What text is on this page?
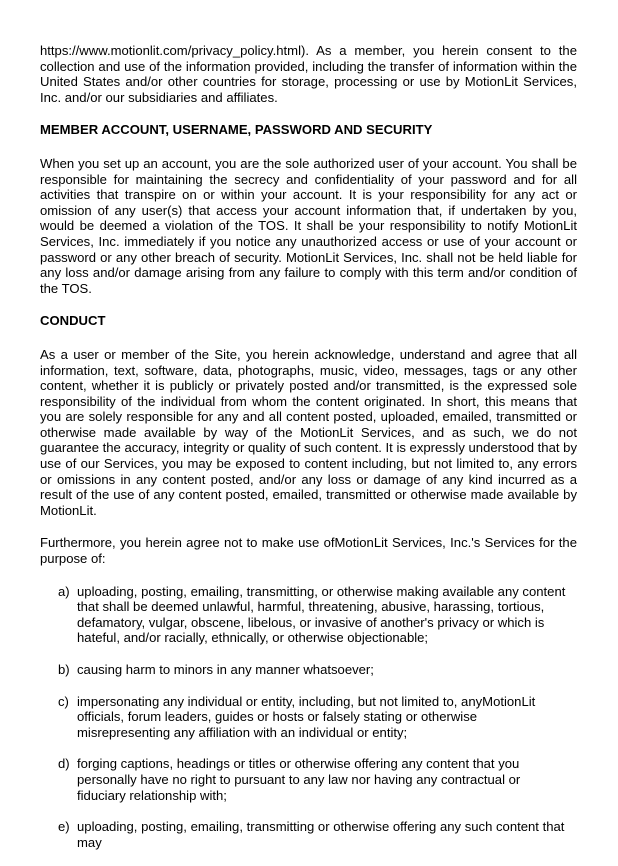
https://www.motionlit.com/privacy_policy.html). As a member, you herein consent to the collection and use of the information provided, including the transfer of information within the United States and/or other countries for storage, processing or use by MotionLit Services, Inc. and/or our subsidiaries and affiliates.

MEMBER ACCOUNT, USERNAME, PASSWORD AND SECURITY

When you set up an account, you are the sole authorized user of your account. You shall be responsible for maintaining the secrecy and confidentiality of your password and for all activities that transpire on or within your account. It is your responsibility for any act or omission of any user(s) that access your account information that, if undertaken by you, would be deemed a violation of the TOS. It shall be your responsibility to notify MotionLit Services, Inc. immediately if you notice any unauthorized access or use of your account or password or any other breach of security. MotionLit Services, Inc. shall not be held liable for any loss and/or damage arising from any failure to comply with this term and/or condition of the TOS.

CONDUCT

As a user or member of the Site, you herein acknowledge, understand and agree that all information, text, software, data, photographs, music, video, messages, tags or any other content, whether it is publicly or privately posted and/or transmitted, is the expressed sole responsibility of the individual from whom the content originated. In short, this means that you are solely responsible for any and all content posted, uploaded, emailed, transmitted or otherwise made available by way of the MotionLit Services, and as such, we do not guarantee the accuracy, integrity or quality of such content. It is expressly understood that by use of our Services, you may be exposed to content including, but not limited to, any errors or omissions in any content posted, and/or any loss or damage of any kind incurred as a result of the use of any content posted, emailed, transmitted or otherwise made available by MotionLit.

Furthermore, you herein agree not to make use ofMotionLit Services, Inc.'s Services for the purpose of:

a) uploading, posting, emailing, transmitting, or otherwise making available any content that shall be deemed unlawful, harmful, threatening, abusive, harassing, tortious, defamatory, vulgar, obscene, libelous, or invasive of another's privacy or which is hateful, and/or racially, ethnically, or otherwise objectionable;
b) causing harm to minors in any manner whatsoever;
c) impersonating any individual or entity, including, but not limited to, anyMotionLit officials, forum leaders, guides or hosts or falsely stating or otherwise misrepresenting any affiliation with an individual or entity;
d) forging captions, headings or titles or otherwise offering any content that you personally have no right to pursuant to any law nor having any contractual or fiduciary relationship with;
e) uploading, posting, emailing, transmitting or otherwise offering any such content that may
